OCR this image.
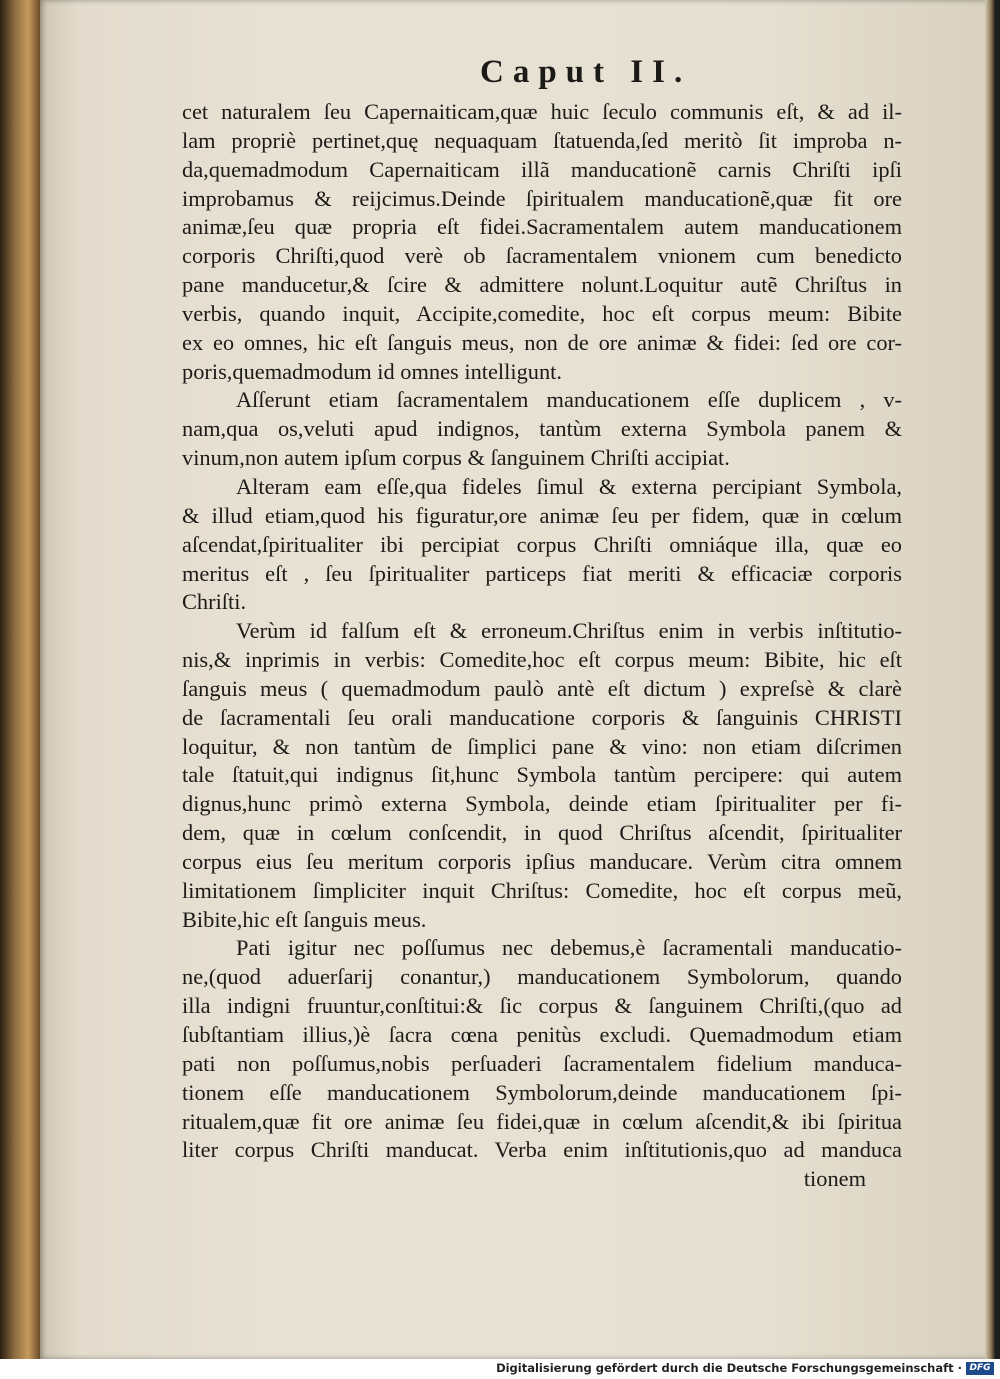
Caput II.
cet naturalem ſeu Capernaiticam,quæ huic ſeculo communis eſt, & ad il-
lam propriè pertinet,quę nequaquam ſtatuenda,ſed meritò ſit improba n-
da,quemadmodum Capernaiticam illã manducationẽ carnis Chriſti ipſi
improbamus & reijcimus.Deinde ſpiritualem manducationẽ,quæ fit ore
animæ,ſeu quæ propria eſt fidei.Sacramentalem autem manducationem
corporis Chriſti,quod verè ob ſacramentalem vnionem cum benedicto
pane manducetur,& ſcire & admittere nolunt.Loquitur autẽ Chriſtus in
verbis, quando inquit, Accipite,comedite, hoc eſt corpus meum: Bibite
ex eo omnes, hic eſt ſanguis meus, non de ore animæ & fidei: ſed ore cor-
poris,quemadmodum id omnes intelligunt.
Aſſerunt etiam ſacramentalem manducationem eſſe duplicem , v-
nam,qua os,veluti apud indignos, tantùm externa Symbola panem &
vinum,non autem ipſum corpus & ſanguinem Chriſti accipiat.
Alteram eam eſſe,qua fideles ſimul & externa percipiant Symbola,
& illud etiam,quod his figuratur,ore animæ ſeu per fidem, quæ in cœlum
aſcendat,ſpiritualiter ibi percipiat corpus Chriſti omniáque illa, quæ eo
meritus eſt , ſeu ſpiritualiter particeps fiat meriti & efficaciæ corporis
Chriſti.
Verùm id falſum eſt & erroneum.Chriſtus enim in verbis inſtitutio-
nis,& inprimis in verbis: Comedite,hoc eſt corpus meum: Bibite, hic eſt
ſanguis meus ( quemadmodum paulò antè eſt dictum ) expreſsè & clarè
de ſacramentali ſeu orali manducatione corporis & ſanguinis CHRISTI
loquitur, & non tantùm de ſimplici pane & vino: non etiam diſcrimen
tale ſtatuit,qui indignus ſit,hunc Symbola tantùm percipere: qui autem
dignus,hunc primò externa Symbola, deinde etiam ſpiritualiter per fi-
dem, quæ in cœlum conſcendit, in quod Chriſtus aſcendit, ſpiritualiter
corpus eius ſeu meritum corporis ipſius manducare. Verùm citra omnem
limitationem ſimpliciter inquit Chriſtus: Comedite, hoc eſt corpus meũ,
Bibite,hic eſt ſanguis meus.
Pati igitur nec poſſumus nec debemus,è ſacramentali manducatio-
ne,(quod aduerſarij conantur,) manducationem Symbolorum, quando
illa indigni fruuntur,conſtitui:& ſic corpus & ſanguinem Chriſti,(quo ad
ſubſtantiam illius,)è ſacra cœna penitùs excludi. Quemadmodum etiam
pati non poſſumus,nobis perſuaderi ſacramentalem fidelium manduca-
tionem eſſe manducationem Symbolorum,deinde manducationem ſpi-
ritualem,quæ fit ore animæ ſeu fidei,quæ in cœlum aſcendit,& ibi ſpiritua
liter corpus Chriſti manducat. Verba enim inſtitutionis,quo ad manduca
tionem
Digitalisierung gefördert durch die Deutsche Forschungsgemeinschaft · DFG
